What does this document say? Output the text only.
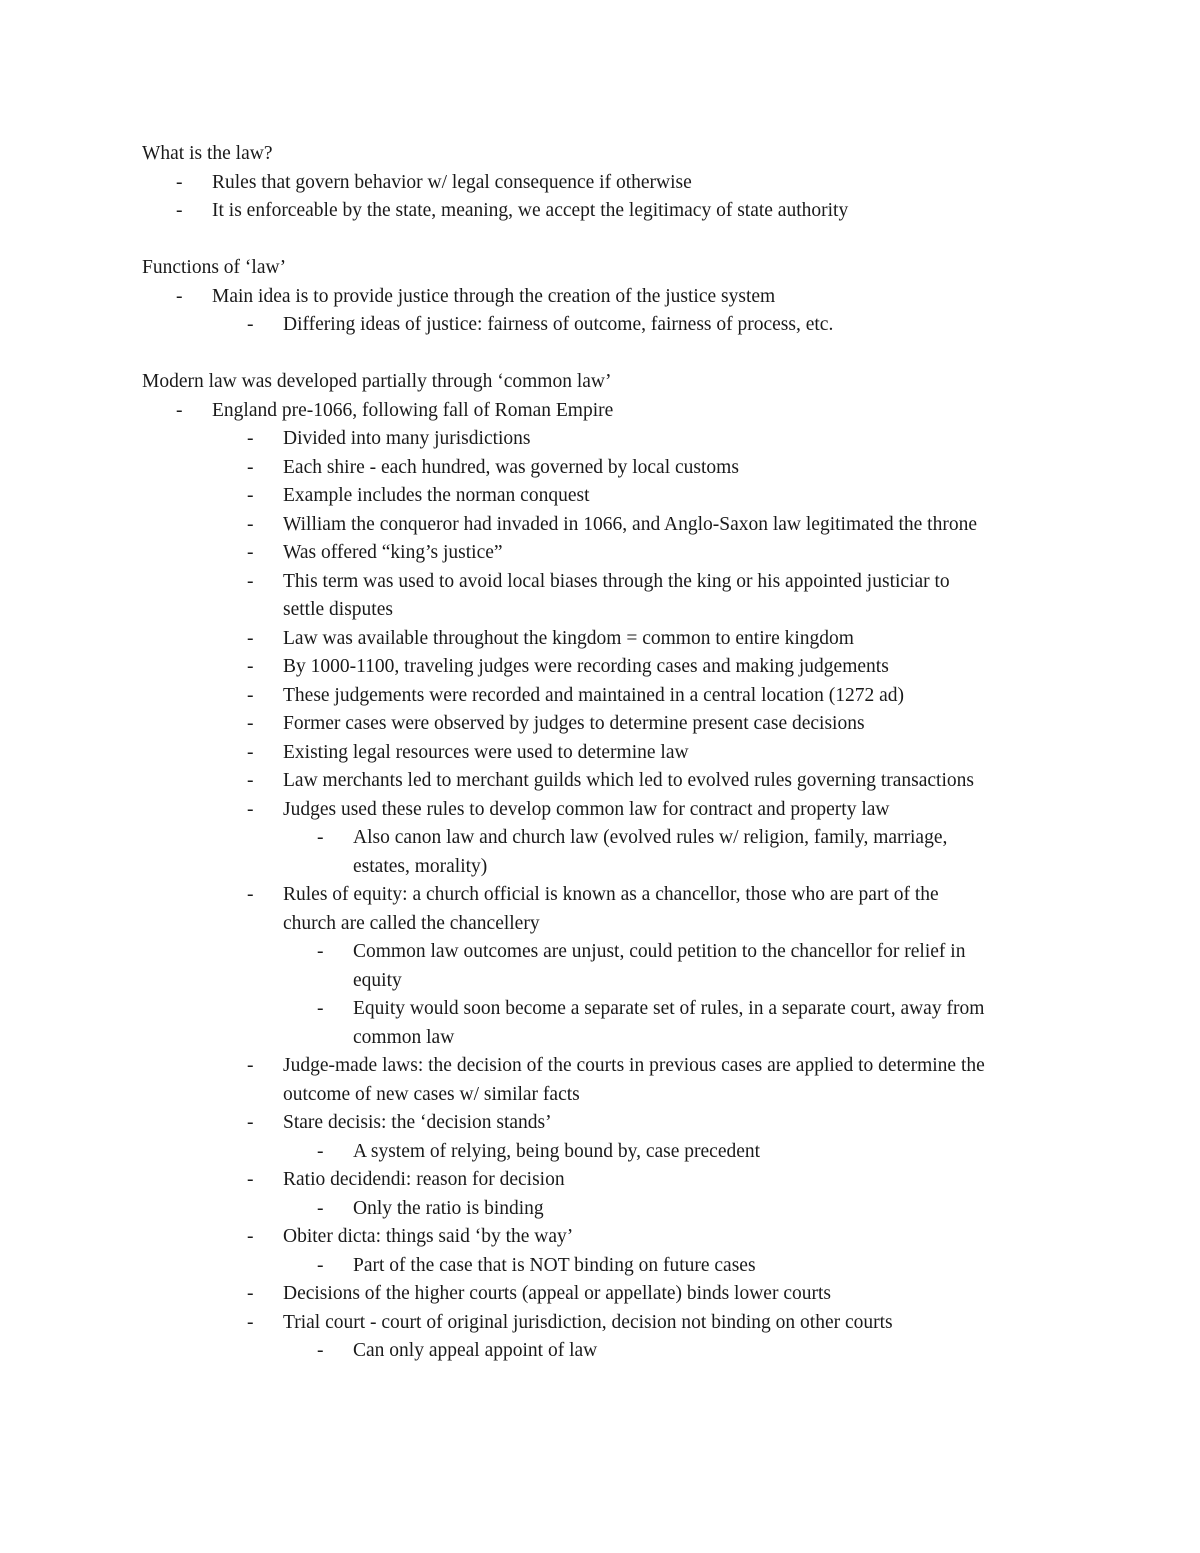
What is the law?
- Rules that govern behavior w/ legal consequence if otherwise
- It is enforceable by the state, meaning, we accept the legitimacy of state authority
Functions of ‘law’
- Main idea is to provide justice through the creation of the justice system
- Differing ideas of justice: fairness of outcome, fairness of process, etc.
Modern law was developed partially through ‘common law’
- England pre-1066, following fall of Roman Empire
- Divided into many jurisdictions
- Each shire - each hundred, was governed by local customs
- Example includes the norman conquest
- William the conqueror had invaded in 1066, and Anglo-Saxon law legitimated the throne
- Was offered “king’s justice”
- This term was used to avoid local biases through the king or his appointed justiciar to
settle disputes
- Law was available throughout the kingdom = common to entire kingdom
- By 1000-1100, traveling judges were recording cases and making judgements
- These judgements were recorded and maintained in a central location (1272 ad)
- Former cases were observed by judges to determine present case decisions
- Existing legal resources were used to determine law
- Law merchants led to merchant guilds which led to evolved rules governing transactions
- Judges used these rules to develop common law for contract and property law
- Also canon law and church law (evolved rules w/ religion, family, marriage,
estates, morality)
- Rules of equity: a church official is known as a chancellor, those who are part of the
church are called the chancellery
- Common law outcomes are unjust, could petition to the chancellor for relief in
equity
- Equity would soon become a separate set of rules, in a separate court, away from
common law
- Judge-made laws: the decision of the courts in previous cases are applied to determine the
outcome of new cases w/ similar facts
- Stare decisis: the ‘decision stands’
- A system of relying, being bound by, case precedent
- Ratio decidendi: reason for decision
- Only the ratio is binding
- Obiter dicta: things said ‘by the way’
- Part of the case that is NOT binding on future cases
- Decisions of the higher courts (appeal or appellate) binds lower courts
- Trial court - court of original jurisdiction, decision not binding on other courts
- Can only appeal appoint of law
